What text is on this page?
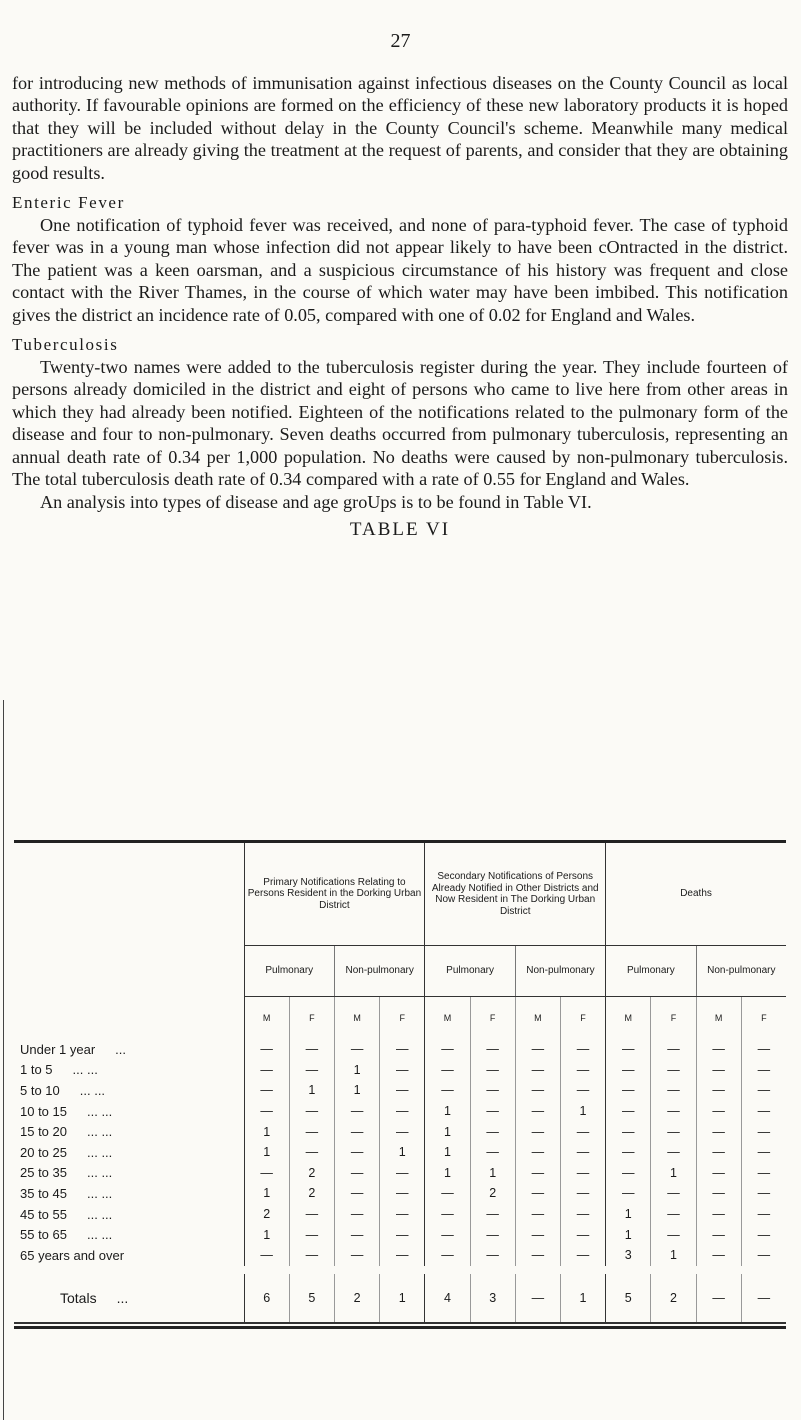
27

for introducing new methods of immunisation against infectious diseases on the County Council as local authority. If favourable opinions are formed on the efficiency of these new laboratory products it is hoped that they will be included without delay in the County Council's scheme. Meanwhile many medical practitioners are already giving the treatment at the request of parents, and consider that they are obtaining good results.

Enteric Fever

One notification of typhoid fever was received, and none of para-typhoid fever. The case of typhoid fever was in a young man whose infection did not appear likely to have been cOntracted in the district. The patient was a keen oarsman, and a suspicious circumstance of his history was frequent and close contact with the River Thames, in the course of which water may have been imbibed. This notification gives the district an incidence rate of 0.05, compared with one of 0.02 for England and Wales.

Tuberculosis

Twenty-two names were added to the tuberculosis register during the year. They include fourteen of persons already domiciled in the district and eight of persons who came to live here from other areas in which they had already been notified. Eighteen of the notifications related to the pulmonary form of the disease and four to non-pulmonary. Seven deaths occurred from pulmonary tuberculosis, representing an annual death rate of 0.34 per 1,000 population. No deaths were caused by non-pulmonary tuberculosis. The total tuberculosis death rate of 0.34 compared with a rate of 0.55 for England and Wales.

An analysis into types of disease and age groUps is to be found in Table VI.

TABLE VI
	Primary Notifications Relating to Persons Resident in the Dorking Urban District				Secondary Notifications of Persons Already Notified in Other Districts and Now Resident in The Dorking Urban District				Deaths			
	Pulmonary		Non-pulmonary		Pulmonary		Non-pulmonary		Pulmonary		Non-pulmonary	
	M	F	M	F	M	F	M	F	M	F	M	F
Under 1 year ...	—	—	—	—	—	—	—	—	—	—	—	—
1 to 5 ... ...	—	—	1	—	—	—	—	—	—	—	—	—
5 to 10 ... ...	—	1	1	—	—	—	—	—	—	—	—	—
10 to 15 ... ...	—	—	—	—	1	—	—	1	—	—	—	—
15 to 20 ... ...	1	—	—	—	1	—	—	—	—	—	—	—
20 to 25 ... ...	1	—	—	1	1	—	—	—	—	—	—	—
25 to 35 ... ...	—	2	—	—	1	1	—	—	—	1	—	—
35 to 45 ... ...	1	2	—	—	—	2	—	—	—	—	—	—
45 to 55 ... ...	2	—	—	—	—	—	—	—	1	—	—	—
55 to 65 ... ...	1	—	—	—	—	—	—	—	1	—	—	—
65 years and over	—	—	—	—	—	—	—	—	3	1	—	—

Totals ...	6	5	2	1	4	3	—	1	5	2	—	—
